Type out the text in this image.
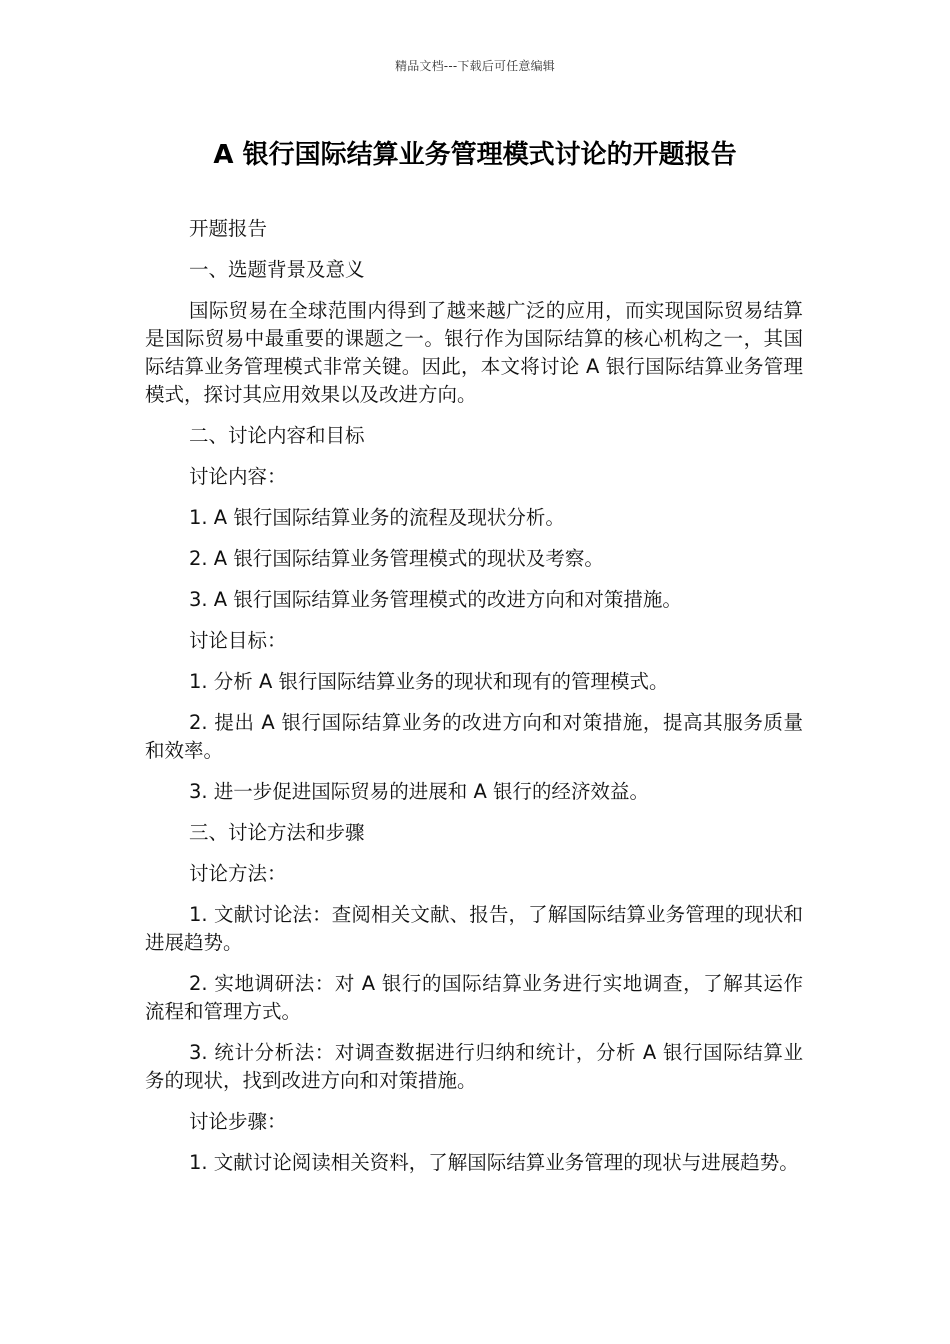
精品文档---下载后可任意编辑
A 银行国际结算业务管理模式讨论的开题报告

开题报告

一、选题背景及意义

国际贸易在全球范围内得到了越来越广泛的应用，而实现国际贸易结算是国际贸易中最重要的课题之一。银行作为国际结算的核心机构之一，其国际结算业务管理模式非常关键。因此，本文将讨论 A 银行国际结算业务管理模式，探讨其应用效果以及改进方向。

二、讨论内容和目标

讨论内容：

1. A 银行国际结算业务的流程及现状分析。

2. A 银行国际结算业务管理模式的现状及考察。

3. A 银行国际结算业务管理模式的改进方向和对策措施。

讨论目标：

1. 分析 A 银行国际结算业务的现状和现有的管理模式。

2. 提出 A 银行国际结算业务的改进方向和对策措施，提高其服务质量和效率。

3. 进一步促进国际贸易的进展和 A 银行的经济效益。

三、讨论方法和步骤

讨论方法：

1. 文献讨论法：查阅相关文献、报告，了解国际结算业务管理的现状和进展趋势。

2. 实地调研法：对 A 银行的国际结算业务进行实地调查，了解其运作流程和管理方式。

3. 统计分析法：对调查数据进行归纳和统计，分析 A 银行国际结算业务的现状，找到改进方向和对策措施。

讨论步骤：

1. 文献讨论阅读相关资料，了解国际结算业务管理的现状与进展趋势。
